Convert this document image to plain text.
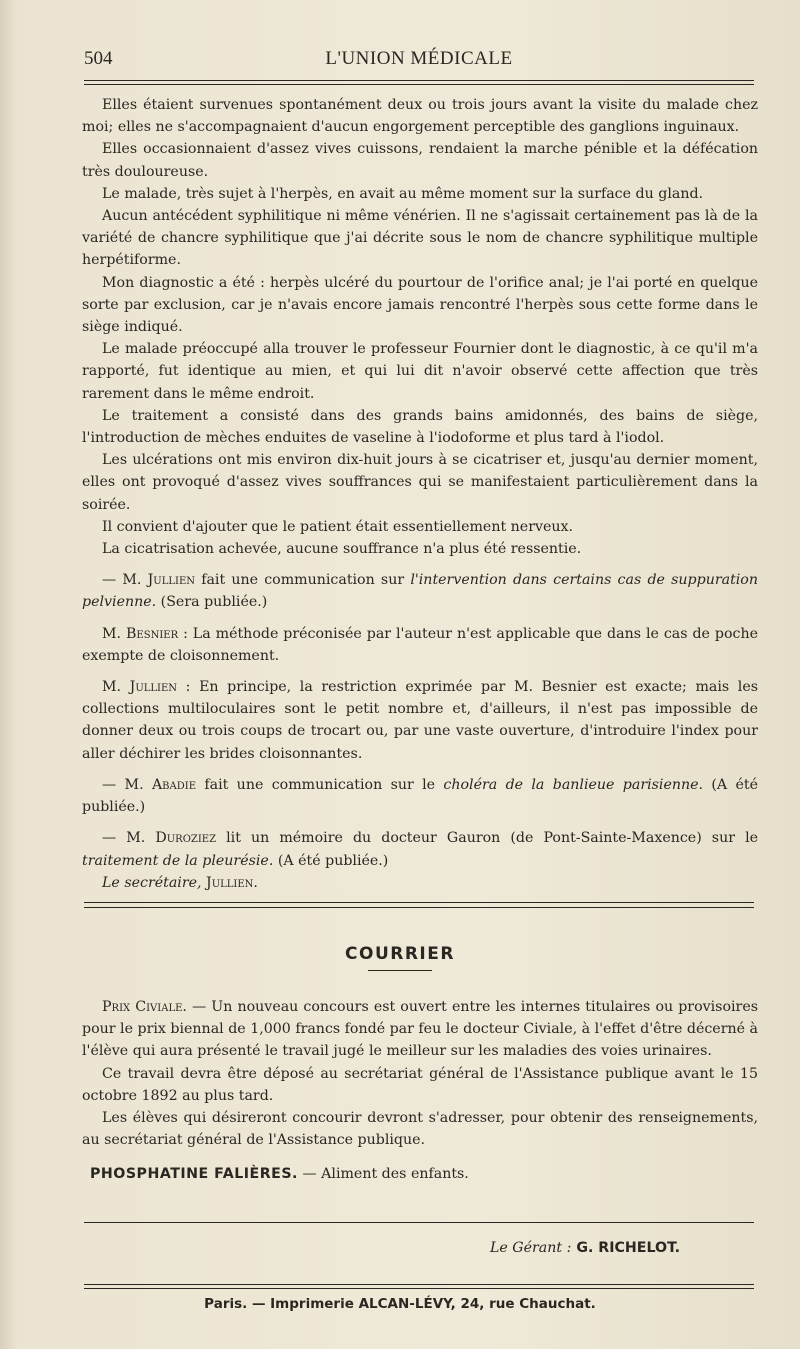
504	L'UNION MÉDICALE

Elles étaient survenues spontanément deux ou trois jours avant la visite du malade chez moi; elles ne s'accompagnaient d'aucun engorgement perceptible des ganglions inguinaux.

Elles occasionnaient d'assez vives cuissons, rendaient la marche pénible et la défécation très douloureuse.

Le malade, très sujet à l'herpès, en avait au même moment sur la surface du gland.

Aucun antécédent syphilitique ni même vénérien. Il ne s'agissait certainement pas là de la variété de chancre syphilitique que j'ai décrite sous le nom de chancre syphilitique multiple herpétiforme.

Mon diagnostic a été : herpès ulcéré du pourtour de l'orifice anal; je l'ai porté en quelque sorte par exclusion, car je n'avais encore jamais rencontré l'herpès sous cette forme dans le siège indiqué.

Le malade préoccupé alla trouver le professeur Fournier dont le diagnostic, à ce qu'il m'a rapporté, fut identique au mien, et qui lui dit n'avoir observé cette affection que très rarement dans le même endroit.

Le traitement a consisté dans des grands bains amidonnés, des bains de siège, l'introduction de mèches enduites de vaseline à l'iodoforme et plus tard à l'iodol.

Les ulcérations ont mis environ dix-huit jours à se cicatriser et, jusqu'au dernier moment, elles ont provoqué d'assez vives souffrances qui se manifestaient particulièrement dans la soirée.

Il convient d'ajouter que le patient était essentiellement nerveux.

La cicatrisation achevée, aucune souffrance n'a plus été ressentie.

— M. Jullien fait une communication sur l'intervention dans certains cas de suppuration pelvienne. (Sera publiée.)

M. Besnier : La méthode préconisée par l'auteur n'est applicable que dans le cas de poche exempte de cloisonnement.

M. Jullien : En principe, la restriction exprimée par M. Besnier est exacte; mais les collections multiloculaires sont le petit nombre et, d'ailleurs, il n'est pas impossible de donner deux ou trois coups de trocart ou, par une vaste ouverture, d'introduire l'index pour aller déchirer les brides cloisonnantes.

— M. Abadie fait une communication sur le choléra de la banlieue parisienne. (A été publiée.)

— M. Duroziez lit un mémoire du docteur Gauron (de Pont-Sainte-Maxence) sur le traitement de la pleurésie. (A été publiée.)

Le secrétaire, Jullien.

COURRIER

Prix Civiale. — Un nouveau concours est ouvert entre les internes titulaires ou provisoires pour le prix biennal de 1,000 francs fondé par feu le docteur Civiale, à l'effet d'être décerné à l'élève qui aura présenté le travail jugé le meilleur sur les maladies des voies urinaires.

Ce travail devra être déposé au secrétariat général de l'Assistance publique avant le 15 octobre 1892 au plus tard.

Les élèves qui désireront concourir devront s'adresser, pour obtenir des renseignements, au secrétariat général de l'Assistance publique.

PHOSPHATINE FALIÈRES. — Aliment des enfants.

Le Gérant : G. RICHELOT.
Paris. — Imprimerie ALCAN-LÉVY, 24, rue Chauchat.
